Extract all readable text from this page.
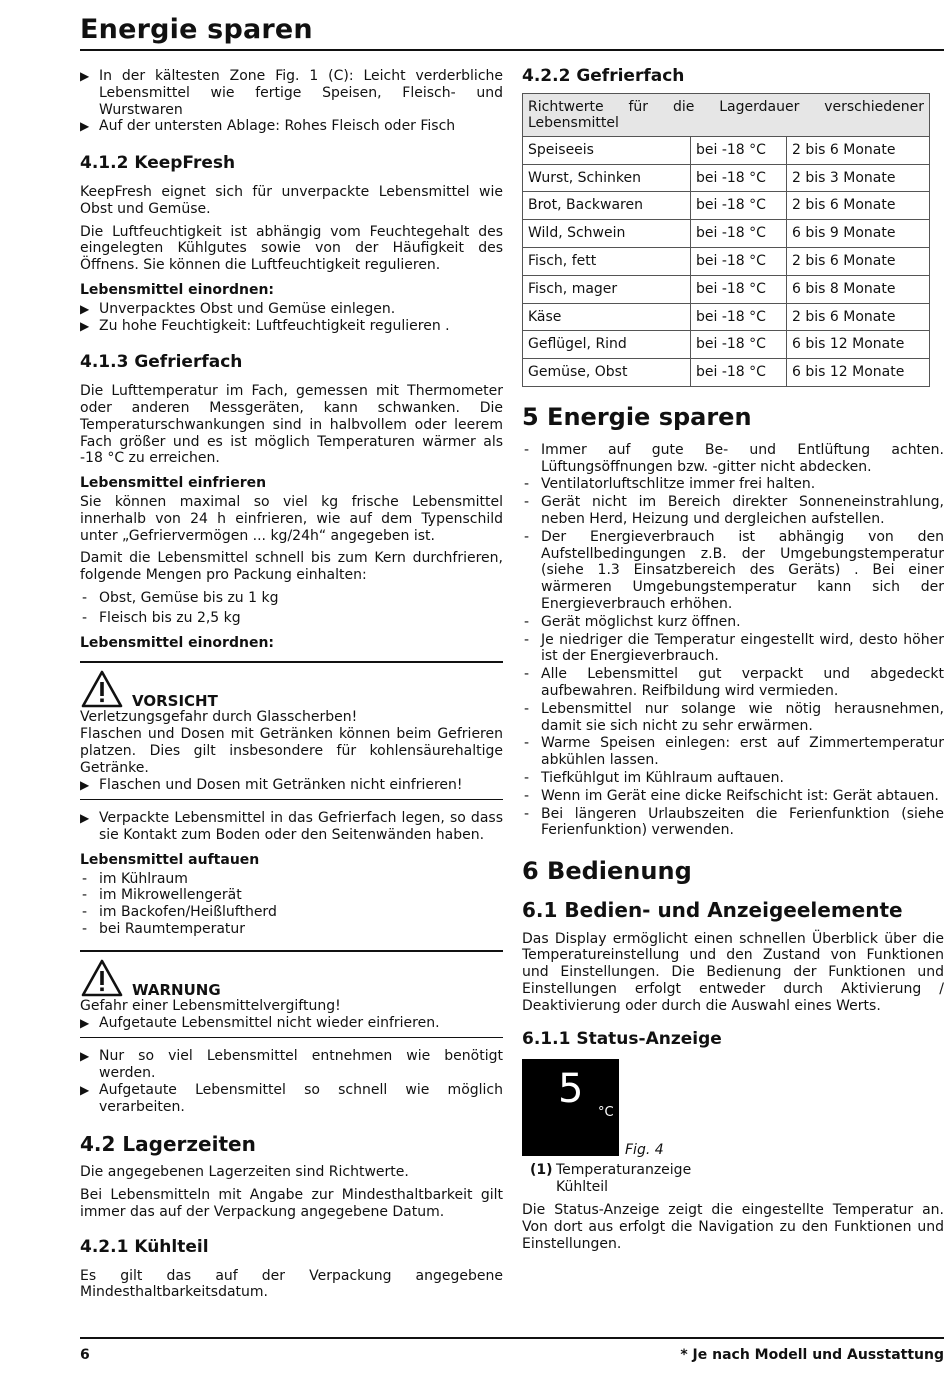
Energie sparen
▶ In der kältesten Zone Fig. 1 (C): Leicht verderbliche Lebensmittel wie fertige Speisen, Fleisch- und Wurstwaren
▶ Auf der untersten Ablage: Rohes Fleisch oder Fisch
4.1.2 KeepFresh

KeepFresh eignet sich für unverpackte Lebensmittel wie Obst und Gemüse.

Die Luftfeuchtigkeit ist abhängig vom Feuchtegehalt des eingelegten Kühlgutes sowie von der Häufigkeit des Öffnens. Sie können die Luftfeuchtigkeit regulieren.

Lebensmittel einordnen:
▶ Unverpacktes Obst und Gemüse einlegen.
▶ Zu hohe Feuchtigkeit: Luftfeuchtigkeit regulieren .
4.1.3 Gefrierfach

Die Lufttemperatur im Fach, gemessen mit Thermometer oder anderen Messgeräten, kann schwanken. Die Temperaturschwankungen sind in halbvollem oder leerem Fach größer und es ist möglich Temperaturen wärmer als -18 °C zu erreichen.

Lebensmittel einfrieren

Sie können maximal so viel kg frische Lebensmittel innerhalb von 24 h einfrieren, wie auf dem Typenschild unter „Gefriervermögen ... kg/24h“ angegeben ist.

Damit die Lebensmittel schnell bis zum Kern durchfrieren, folgende Mengen pro Packung einhalten:

- Obst, Gemüse bis zu 1 kg
- Fleisch bis zu 2,5 kg
Lebensmittel einordnen:
VORSICHT
Verletzungsgefahr durch Glasscherben!
Flaschen und Dosen mit Getränken können beim Gefrieren platzen. Dies gilt insbesondere für kohlensäurehaltige Getränke.
▶ Flaschen und Dosen mit Getränken nicht einfrieren!
▶ Verpackte Lebensmittel in das Gefrierfach legen, so dass sie Kontakt zum Boden oder den Seitenwänden haben.
Lebensmittel auftauen
- im Kühlraum
- im Mikrowellengerät
- im Backofen/Heißluftherd
- bei Raumtemperatur
WARNUNG
Gefahr einer Lebensmittelvergiftung!
▶ Aufgetaute Lebensmittel nicht wieder einfrieren.
▶ Nur so viel Lebensmittel entnehmen wie benötigt werden.
▶ Aufgetaute Lebensmittel so schnell wie möglich verarbeiten.
4.2 Lagerzeiten

Die angegebenen Lagerzeiten sind Richtwerte.

Bei Lebensmitteln mit Angabe zur Mindesthaltbarkeit gilt immer das auf der Verpackung angegebene Datum.

4.2.1 Kühlteil

Es gilt das auf der Verpackung angegebene Mindesthaltbarkeitsdatum.

4.2.2 Gefrierfach
Richtwerte für die Lagerdauer verschiedener Lebensmittel		
Speiseeis	bei -18 °C	2 bis 6 Monate
Wurst, Schinken	bei -18 °C	2 bis 3 Monate
Brot, Backwaren	bei -18 °C	2 bis 6 Monate
Wild, Schwein	bei -18 °C	6 bis 9 Monate
Fisch, fett	bei -18 °C	2 bis 6 Monate
Fisch, mager	bei -18 °C	6 bis 8 Monate
Käse	bei -18 °C	2 bis 6 Monate
Geflügel, Rind	bei -18 °C	6 bis 12 Monate
Gemüse, Obst	bei -18 °C	6 bis 12 Monate
5 Energie sparen
- Immer auf gute Be- und Entlüftung achten. Lüftungsöffnungen bzw. -gitter nicht abdecken.
- Ventilatorluftschlitze immer frei halten.
- Gerät nicht im Bereich direkter Sonneneinstrahlung, neben Herd, Heizung und dergleichen aufstellen.
- Der Energieverbrauch ist abhängig von den Aufstellbedingungen z.B. der Umgebungstemperatur (siehe 1.3 Einsatzbereich des Geräts) . Bei einer wärmeren Umgebungstemperatur kann sich der Energieverbrauch erhöhen.
- Gerät möglichst kurz öffnen.
- Je niedriger die Temperatur eingestellt wird, desto höher ist der Energieverbrauch.
- Alle Lebensmittel gut verpackt und abgedeckt aufbewahren. Reifbildung wird vermieden.
- Lebensmittel nur solange wie nötig herausnehmen, damit sie sich nicht zu sehr erwärmen.
- Warme Speisen einlegen: erst auf Zimmertemperatur abkühlen lassen.
- Tiefkühlgut im Kühlraum auftauen.
- Wenn im Gerät eine dicke Reifschicht ist: Gerät abtauen.
- Bei längeren Urlaubszeiten die Ferienfunktion (siehe Ferienfunktion) verwenden.
6 Bedienung
6.1 Bedien- und Anzeigeelemente

Das Display ermöglicht einen schnellen Überblick über die Temperatureinstellung und den Zustand von Funktionen und Einstellungen. Die Bedienung der Funktionen und Einstellungen erfolgt entweder durch Aktivierung / Deaktivierung oder durch die Auswahl eines Werts.

6.1.1 Status-Anzeige
5
°C
Fig. 4
(1) Temperaturanzeige Kühlteil

Die Status-Anzeige zeigt die eingestellte Temperatur an. Von dort aus erfolgt die Navigation zu den Funktionen und Einstellungen.

6	* Je nach Modell und Ausstattung
